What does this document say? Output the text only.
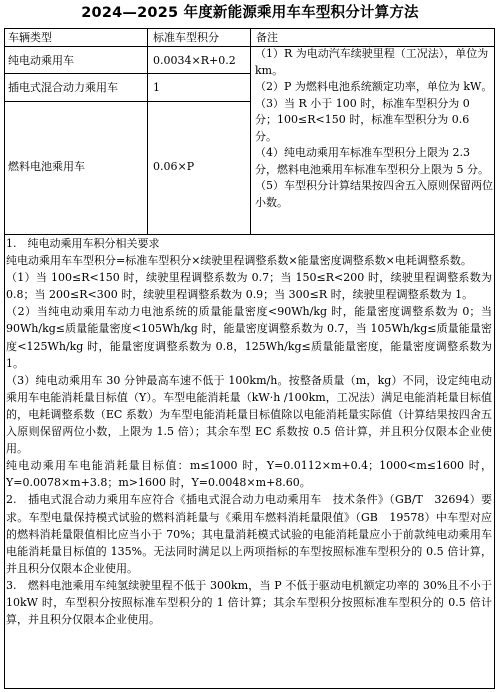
2024—2025 年度新能源乘用车车型积分计算方法
车辆类型	标准车型积分	备注
纯电动乘用车	0.0034×R+0.2
插电式混合动力乘用车	1
燃料电池乘用车	0.06×P

（1）R 为电动汽车续驶里程（工况法），单位为 km。

（2）P 为燃料电池系统额定功率，单位为 kW。

（3）当 R 小于 100 时，标准车型积分为 0 分；100≤R<150 时，标准车型积分为 0.6 分。

（4）纯电动乘用车标准车型积分上限为 2.3 分，燃料电池乘用车标准车型积分上限为 5 分。

（5）车型积分计算结果按四舍五入原则保留两位小数。

1.　纯电动乘用车积分相关要求

纯电动乘用车车型积分=标准车型积分×续驶里程调整系数×能量密度调整系数×电耗调整系数。

（1）当 100≤R<150 时，续驶里程调整系数为 0.7；当 150≤R<200 时，续驶里程调整系数为 0.8；当 200≤R<300 时，续驶里程调整系数为 0.9；当 300≤R 时，续驶里程调整系数为 1。

（2）当纯电动乘用车动力电池系统的质量能量密度<90Wh/kg 时，能量密度调整系数为 0；当 90Wh/kg≤质量能量密度<105Wh/kg 时，能量密度调整系数为 0.7，当 105Wh/kg≤质量能量密度<125Wh/kg 时，能量密度调整系数为 0.8，125Wh/kg≤质量能量密度，能量密度调整系数为 1。

（3）纯电动乘用车 30 分钟最高车速不低于 100km/h。按整备质量（m，kg）不同，设定纯电动乘用车电能消耗量目标值（Y）。车型电能消耗量（kW·h /100km，工况法）满足电能消耗量目标值的，电耗调整系数（EC 系数）为车型电能消耗量目标值除以电能消耗量实际值（计算结果按四舍五入原则保留两位小数，上限为 1.5 倍）；其余车型 EC 系数按 0.5 倍计算，并且积分仅限本企业使用。

纯电动乘用车电能消耗量目标值：m≤1000 时，Y=0.0112×m+0.4；1000<m≤1600 时，Y=0.0078×m+3.8；m>1600 时，Y=0.0048×m+8.60。

2.　插电式混合动力乘用车应符合《插电式混合动力电动乘用车　技术条件》（GB/T　32694）要求。车型电量保持模式试验的燃料消耗量与《乘用车燃料消耗量限值》（GB　19578）中车型对应的燃料消耗量限值相比应当小于 70%；其电量消耗模式试验的电能消耗量应小于前款纯电动乘用车电能消耗量目标值的 135%。无法同时满足以上两项指标的车型按照标准车型积分的 0.5 倍计算，并且积分仅限本企业使用。

3.　燃料电池乘用车纯氢续驶里程不低于 300km，当 P 不低于驱动电机额定功率的 30%且不小于 10kW 时，车型积分按照标准车型积分的 1 倍计算；其余车型积分按照标准车型积分的 0.5 倍计算，并且积分仅限本企业使用。
